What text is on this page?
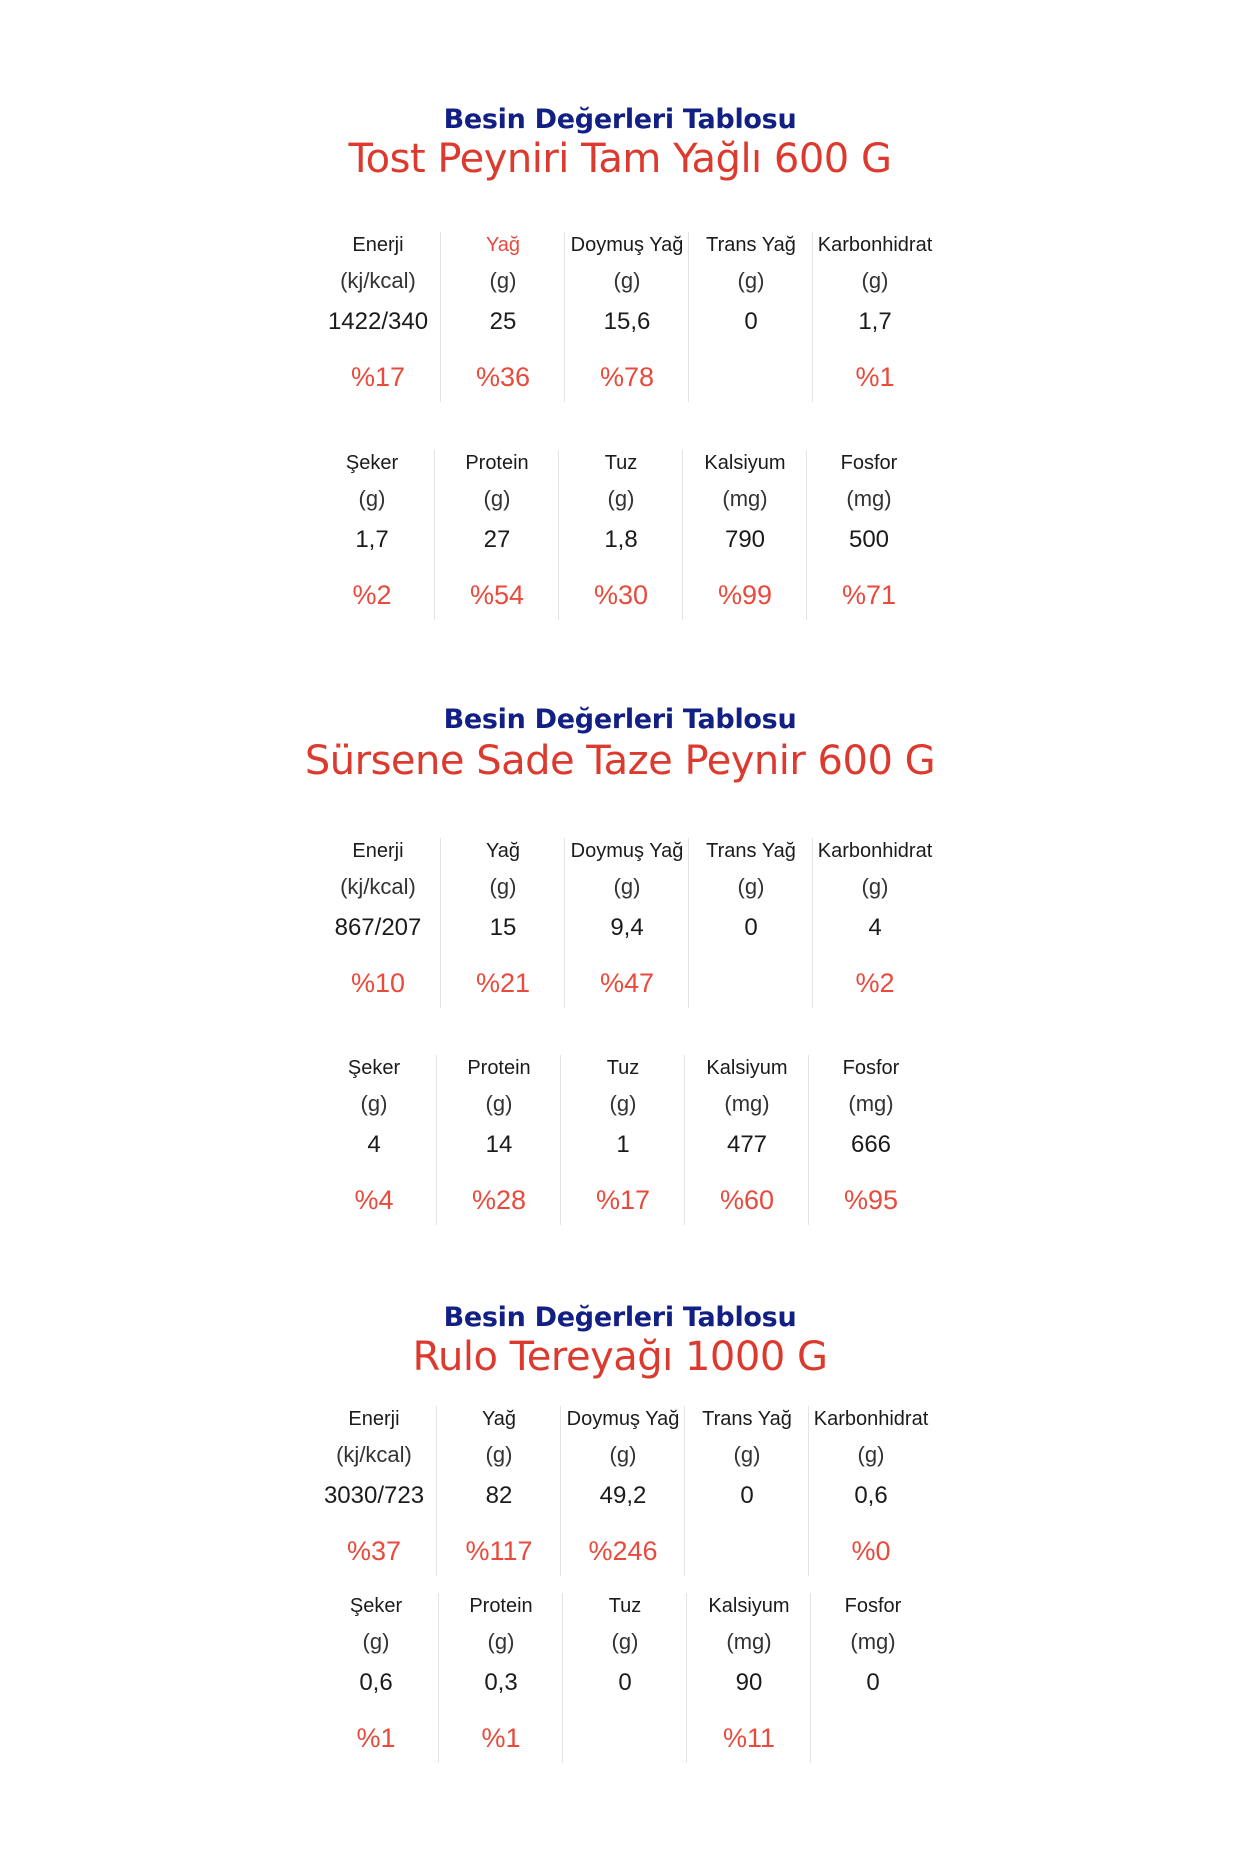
Besin Değerleri Tablosu
Tost Peyniri Tam Yağlı 600 G
Enerji
(kj/kcal)
1422/340
%17
Yağ
(g)
25
%36
Doymuş Yağ
(g)
15,6
%78
Trans Yağ
(g)
0
Karbonhidrat
(g)
1,7
%1
Şeker
(g)
1,7
%2
Protein
(g)
27
%54
Tuz
(g)
1,8
%30
Kalsiyum
(mg)
790
%99
Fosfor
(mg)
500
%71
Besin Değerleri Tablosu
Sürsene Sade Taze Peynir 600 G
Enerji
(kj/kcal)
867/207
%10
Yağ
(g)
15
%21
Doymuş Yağ
(g)
9,4
%47
Trans Yağ
(g)
0
Karbonhidrat
(g)
4
%2
Şeker
(g)
4
%4
Protein
(g)
14
%28
Tuz
(g)
1
%17
Kalsiyum
(mg)
477
%60
Fosfor
(mg)
666
%95
Besin Değerleri Tablosu
Rulo Tereyağı 1000 G
Enerji
(kj/kcal)
3030/723
%37
Yağ
(g)
82
%117
Doymuş Yağ
(g)
49,2
%246
Trans Yağ
(g)
0
Karbonhidrat
(g)
0,6
%0
Şeker
(g)
0,6
%1
Protein
(g)
0,3
%1
Tuz
(g)
0
Kalsiyum
(mg)
90
%11
Fosfor
(mg)
0
